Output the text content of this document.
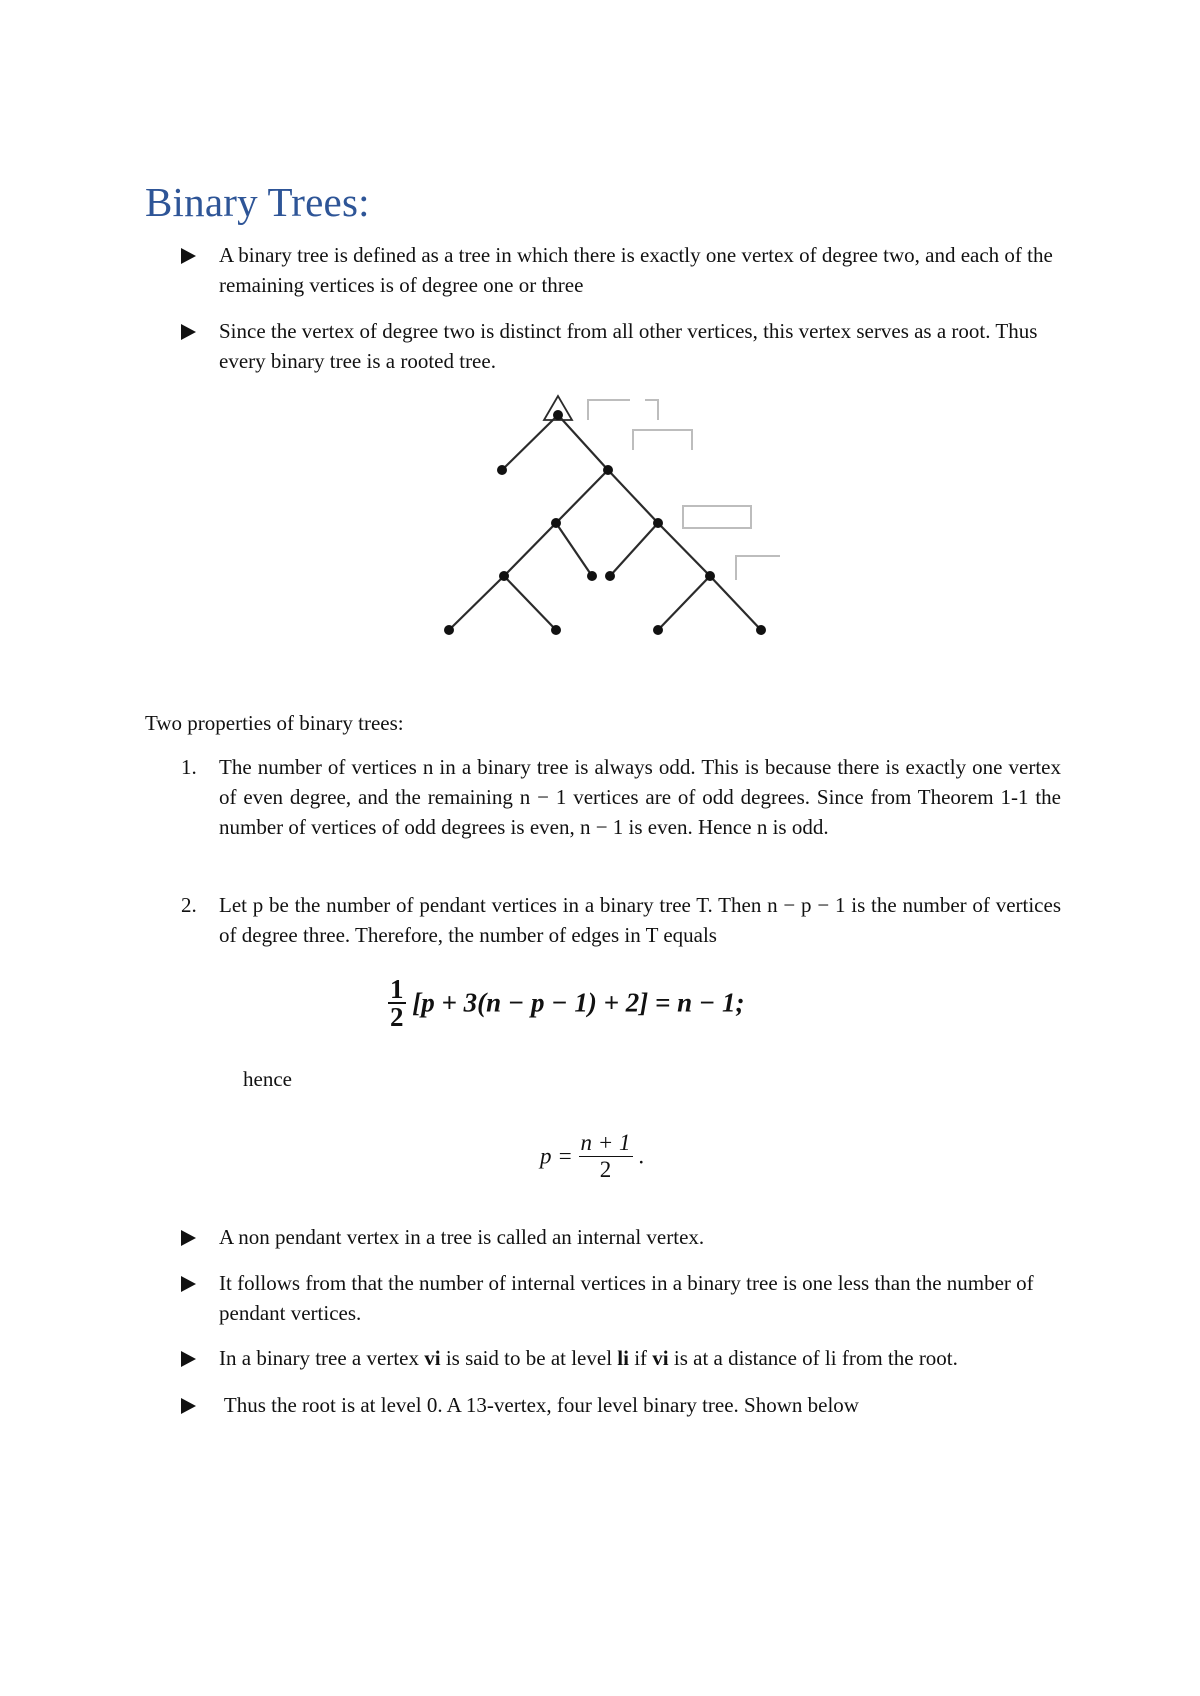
Binary Trees:
A binary tree is defined as a tree in which there is exactly one vertex of degree two, and each of the remaining vertices is of degree one or three
Since the vertex of degree two is distinct from all other vertices, this vertex serves as a root. Thus every binary tree is a rooted tree.
Two properties of binary trees:
1. The number of vertices n in a binary tree is always odd. This is because there is exactly one vertex of even degree, and the remaining n − 1 vertices are of odd degrees. Since from Theorem 1-1 the number of vertices of odd degrees is even, n − 1 is even. Hence n is odd.
2. Let p be the number of pendant vertices in a binary tree T. Then n − p − 1 is the number of vertices of degree three. Therefore, the number of edges in T equals
$\frac{1}{2} [p + 3(n - p - 1) + 2] = n - 1$;
hence
$p = \frac{n + 1}{2}$ .
A non pendant vertex in a tree is called an internal vertex.
It follows from that the number of internal vertices in a binary tree is one less than the number of pendant vertices.
In a binary tree a vertex vi is said to be at level li if vi is at a distance of li from the root.
Thus the root is at level 0. A 13-vertex, four level binary tree. Shown below
